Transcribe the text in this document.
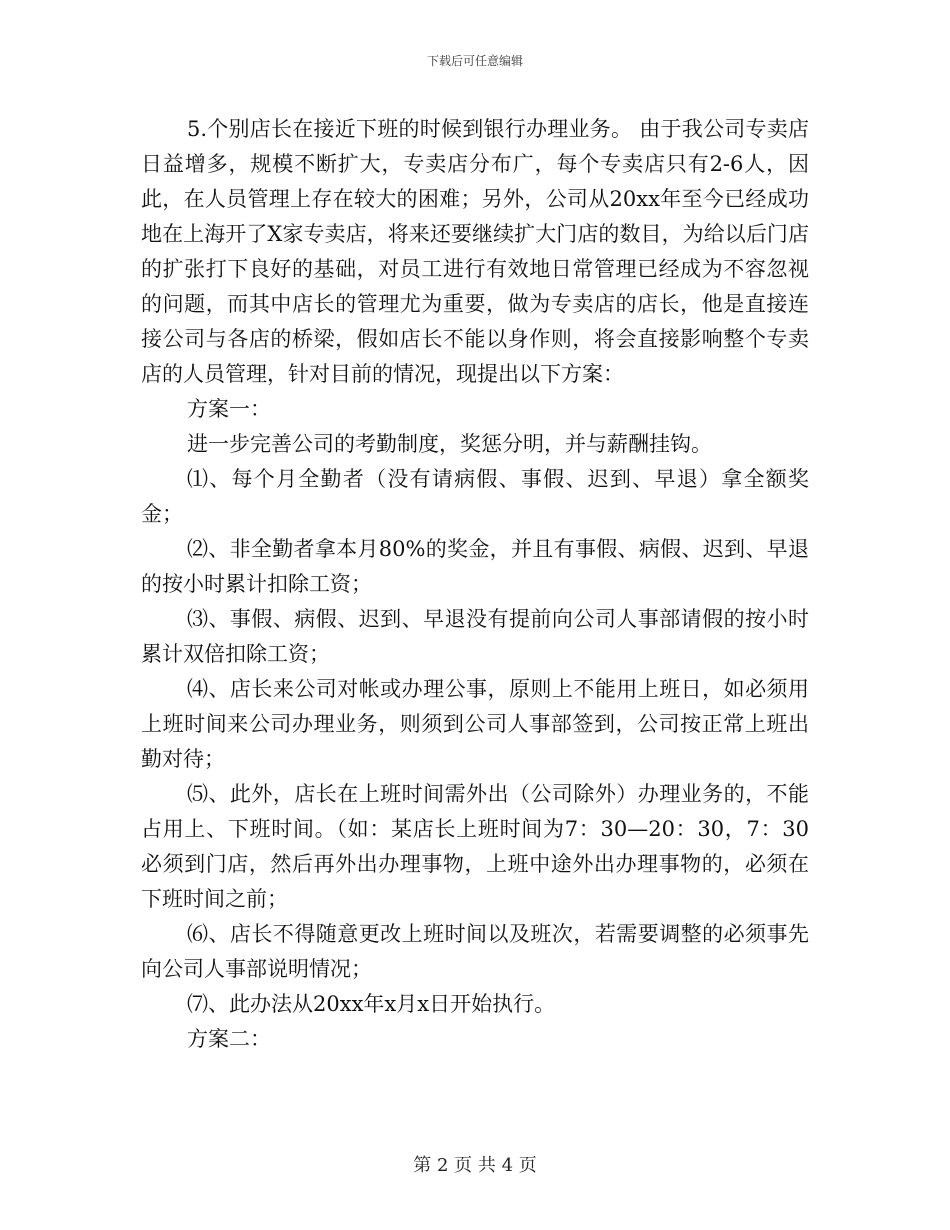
下载后可任意编辑

5.个别店长在接近下班的时候到银行办理业务。 由于我公司专卖店日益增多，规模不断扩大，专卖店分布广，每个专卖店只有2-6人，因此，在人员管理上存在较大的困难；另外，公司从20xx年至今已经成功地在上海开了X家专卖店，将来还要继续扩大门店的数目，为给以后门店的扩张打下良好的基础，对员工进行有效地日常管理已经成为不容忽视的问题，而其中店长的管理尤为重要，做为专卖店的店长，他是直接连接公司与各店的桥梁，假如店长不能以身作则，将会直接影响整个专卖店的人员管理，针对目前的情况，现提出以下方案：

方案一：

进一步完善公司的考勤制度，奖惩分明，并与薪酬挂钩。

⑴、每个月全勤者（没有请病假、事假、迟到、早退）拿全额奖金；

⑵、非全勤者拿本月80%的奖金，并且有事假、病假、迟到、早退的按小时累计扣除工资；

⑶、事假、病假、迟到、早退没有提前向公司人事部请假的按小时累计双倍扣除工资；

⑷、店长来公司对帐或办理公事，原则上不能用上班日，如必须用上班时间来公司办理业务，则须到公司人事部签到，公司按正常上班出勤对待；

⑸、此外，店长在上班时间需外出（公司除外）办理业务的，不能占用上、下班时间。（如：某店长上班时间为7：30—20：30，7：30必须到门店，然后再外出办理事物，上班中途外出办理事物的，必须在下班时间之前；

⑹、店长不得随意更改上班时间以及班次，若需要调整的必须事先向公司人事部说明情况；

⑺、此办法从20xx年x月x日开始执行。

方案二：

第 2 页 共 4 页
